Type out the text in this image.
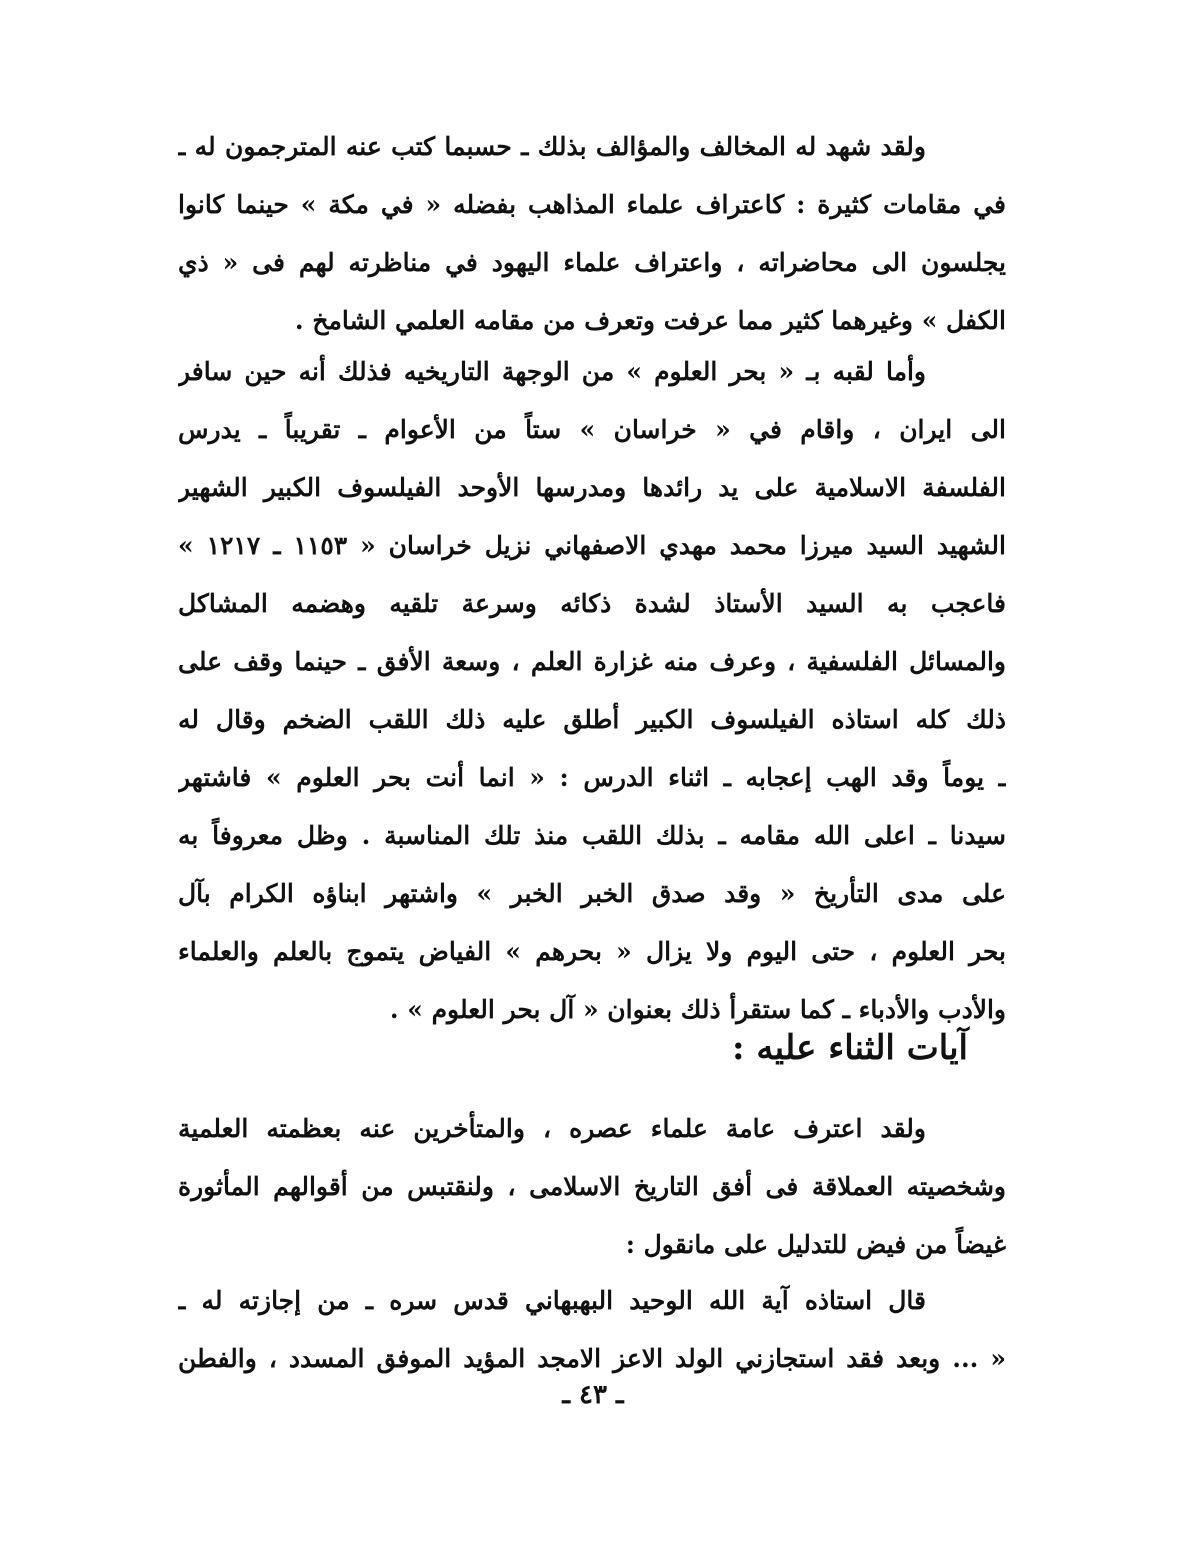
ولقد شهد له المخالف والمؤالف بذلك ـ حسبما كتب عنه المترجمون له ـ
في مقامات كثيرة : كاعتراف علماء المذاهب بفضله « في مكة » حينما كانوا
يجلسون الى محاضراته ، واعتراف علماء اليهود في مناظرته لهم فى « ذي
الكفل » وغيرهما كثير مما عرفت وتعرف من مقامه العلمي الشامخ .
وأما لقبه بـ « بحر العلوم » من الوجهة التاريخيه فذلك أنه حين سافر
الى ايران ، واقام في « خراسان » ستاً من الأعوام ـ تقريباً ـ يدرس
الفلسفة الاسلامية على يد رائدها ومدرسها الأوحد الفيلسوف الكبير الشهير
الشهيد السيد ميرزا محمد مهدي الاصفهاني نزيل خراسان « ١١٥٣ ـ ١٢١٧ »
فاعجب به السيد الأستاذ لشدة ذكائه وسرعة تلقيه وهضمه المشاكل
والمسائل الفلسفية ، وعرف منه غزارة العلم ، وسعة الأفق ـ حينما وقف على
ذلك كله استاذه الفيلسوف الكبير أطلق عليه ذلك اللقب الضخم وقال له
ـ يوماً وقد الهب إعجابه ـ اثناء الدرس : « انما أنت بحر العلوم » فاشتهر
سيدنا ـ اعلى الله مقامه ـ بذلك اللقب منذ تلك المناسبة . وظل معروفاً به
على مدى التأريخ « وقد صدق الخبر الخبر » واشتهر ابناؤه الكرام بآل
بحر العلوم ، حتى اليوم ولا يزال « بحرهم » الفياض يتموج بالعلم والعلماء
والأدب والأدباء ـ كما ستقرأ ذلك بعنوان « آل بحر العلوم » .
آيات الثناء عليه :
ولقد اعترف عامة علماء عصره ، والمتأخرين عنه بعظمته العلمية
وشخصيته العملاقة فى أفق التاريخ الاسلامى ، ولنقتبس من أقوالهم المأثورة
غيضاً من فيض للتدليل على مانقول :
قال استاذه آية الله الوحيد البهبهاني قدس سره ـ من إجازته له ـ
« ... وبعد فقد استجازني الولد الاعز الامجد المؤيد الموفق المسدد ، والفطن
ـ ٤٣ ـ
